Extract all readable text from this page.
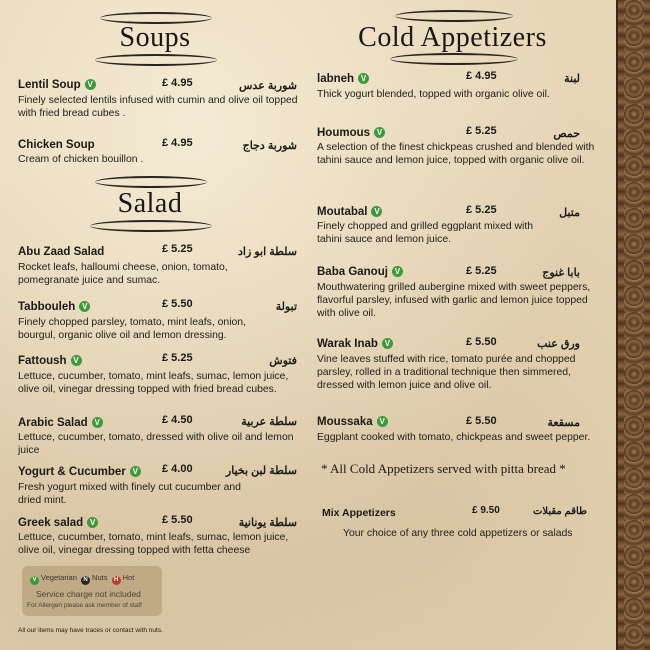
Soups
Lentil Soup V	£ 4.95	شوربة عدس
Finely selected lentils infused with cumin and olive oil topped with fried bread cubes .
Chicken Soup	£ 4.95	شوربة دجاج
Cream of chicken bouillon .
Salad
Abu Zaad Salad	£ 5.25	سلطة ابو زاد
Rocket leafs, halloumi cheese, onion, tomato, pomegranate juice and sumac.
Tabbouleh V	£ 5.50	تبولة
Finely chopped parsley, tomato, mint leafs, onion, bourgul, organic olive oil and lemon dressing.
Fattoush V	£ 5.25	فتوش
Lettuce, cucumber, tomato, mint leafs, sumac, lemon juice, olive oil, vinegar dressing topped with fried bread cubes.
Arabic Salad V	£ 4.50	سلطة عربية
Lettuce, cucumber, tomato, dressed with olive oil and lemon juice
Yogurt & Cucumber V £ 4.00	سلطة لبن بخيار
Fresh yogurt mixed with finely cut cucumber and dried mint.
Greek salad V	£ 5.50	سلطة يونانية
Lettuce, cucumber, tomato, mint leafs, sumac, lemon juice, olive oil, vinegar dressing topped with fetta cheese
V Vegetarian N Nuts H Hot
Service charge not included
For Allergen please ask member of staff
All our items may have traces or contact with nuts.
Cold Appetizers
labneh V	£ 4.95	لبنة
Thick yogurt blended, topped with organic olive oil.
Houmous V	£ 5.25	حمص
A selection of the finest chickpeas crushed and blended with tahini sauce and lemon juice, topped with organic olive oil.
Moutabal V	£ 5.25	متبل
Finely chopped and grilled eggplant mixed with tahini sauce and lemon juice.
Baba Ganouj V	£ 5.25	بابا غنوج
Mouthwatering grilled aubergine mixed with sweet peppers, flavorful parsley, infused with garlic and lemon juice topped with olive oil.
Warak Inab V	£ 5.50	ورق عنب
Vine leaves stuffed with rice, tomato purée and chopped parsley, rolled in a traditional technique then simmered, dressed with lemon juice and olive oil.
Moussaka V	£ 5.50	مسقعة
Eggplant cooked with tomato, chickpeas and sweet pepper.
* All Cold Appetizers served with pitta bread *
Mix Appetizers	£ 9.50	طاقم مقبلات
Your choice of any three cold appetizers or salads
